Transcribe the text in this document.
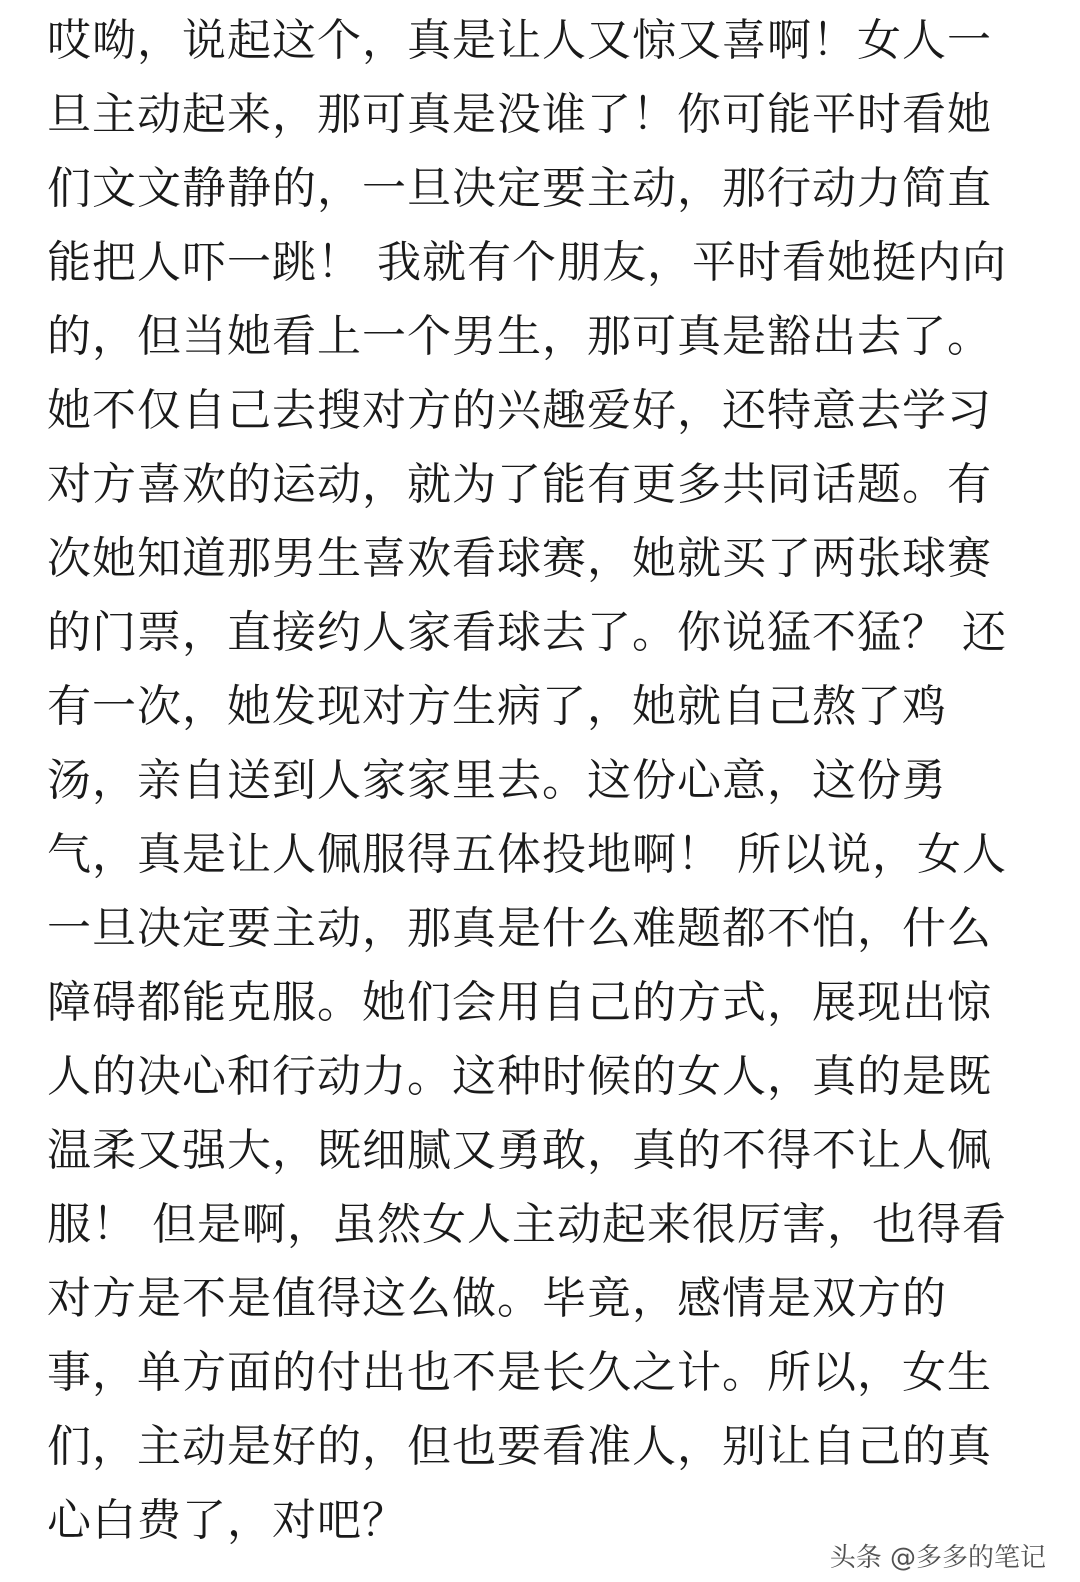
哎呦，说起这个，真是让人又惊又喜啊！女人一
旦主动起来，那可真是没谁了！你可能平时看她
们文文静静的，一旦决定要主动，那行动力简直
能把人吓一跳！ 我就有个朋友，平时看她挺内向
的，但当她看上一个男生，那可真是豁出去了。
她不仅自己去搜对方的兴趣爱好，还特意去学习
对方喜欢的运动，就为了能有更多共同话题。有
次她知道那男生喜欢看球赛，她就买了两张球赛
的门票，直接约人家看球去了。你说猛不猛？ 还
有一次，她发现对方生病了，她就自己熬了鸡
汤，亲自送到人家家里去。这份心意，这份勇
气，真是让人佩服得五体投地啊！ 所以说，女人
一旦决定要主动，那真是什么难题都不怕，什么
障碍都能克服。她们会用自己的方式，展现出惊
人的决心和行动力。这种时候的女人，真的是既
温柔又强大，既细腻又勇敢，真的不得不让人佩
服！ 但是啊，虽然女人主动起来很厉害，也得看
对方是不是值得这么做。毕竟，感情是双方的
事，单方面的付出也不是长久之计。所以，女生
们，主动是好的，但也要看准人，别让自己的真
心白费了，对吧？
头条 @多多的笔记
